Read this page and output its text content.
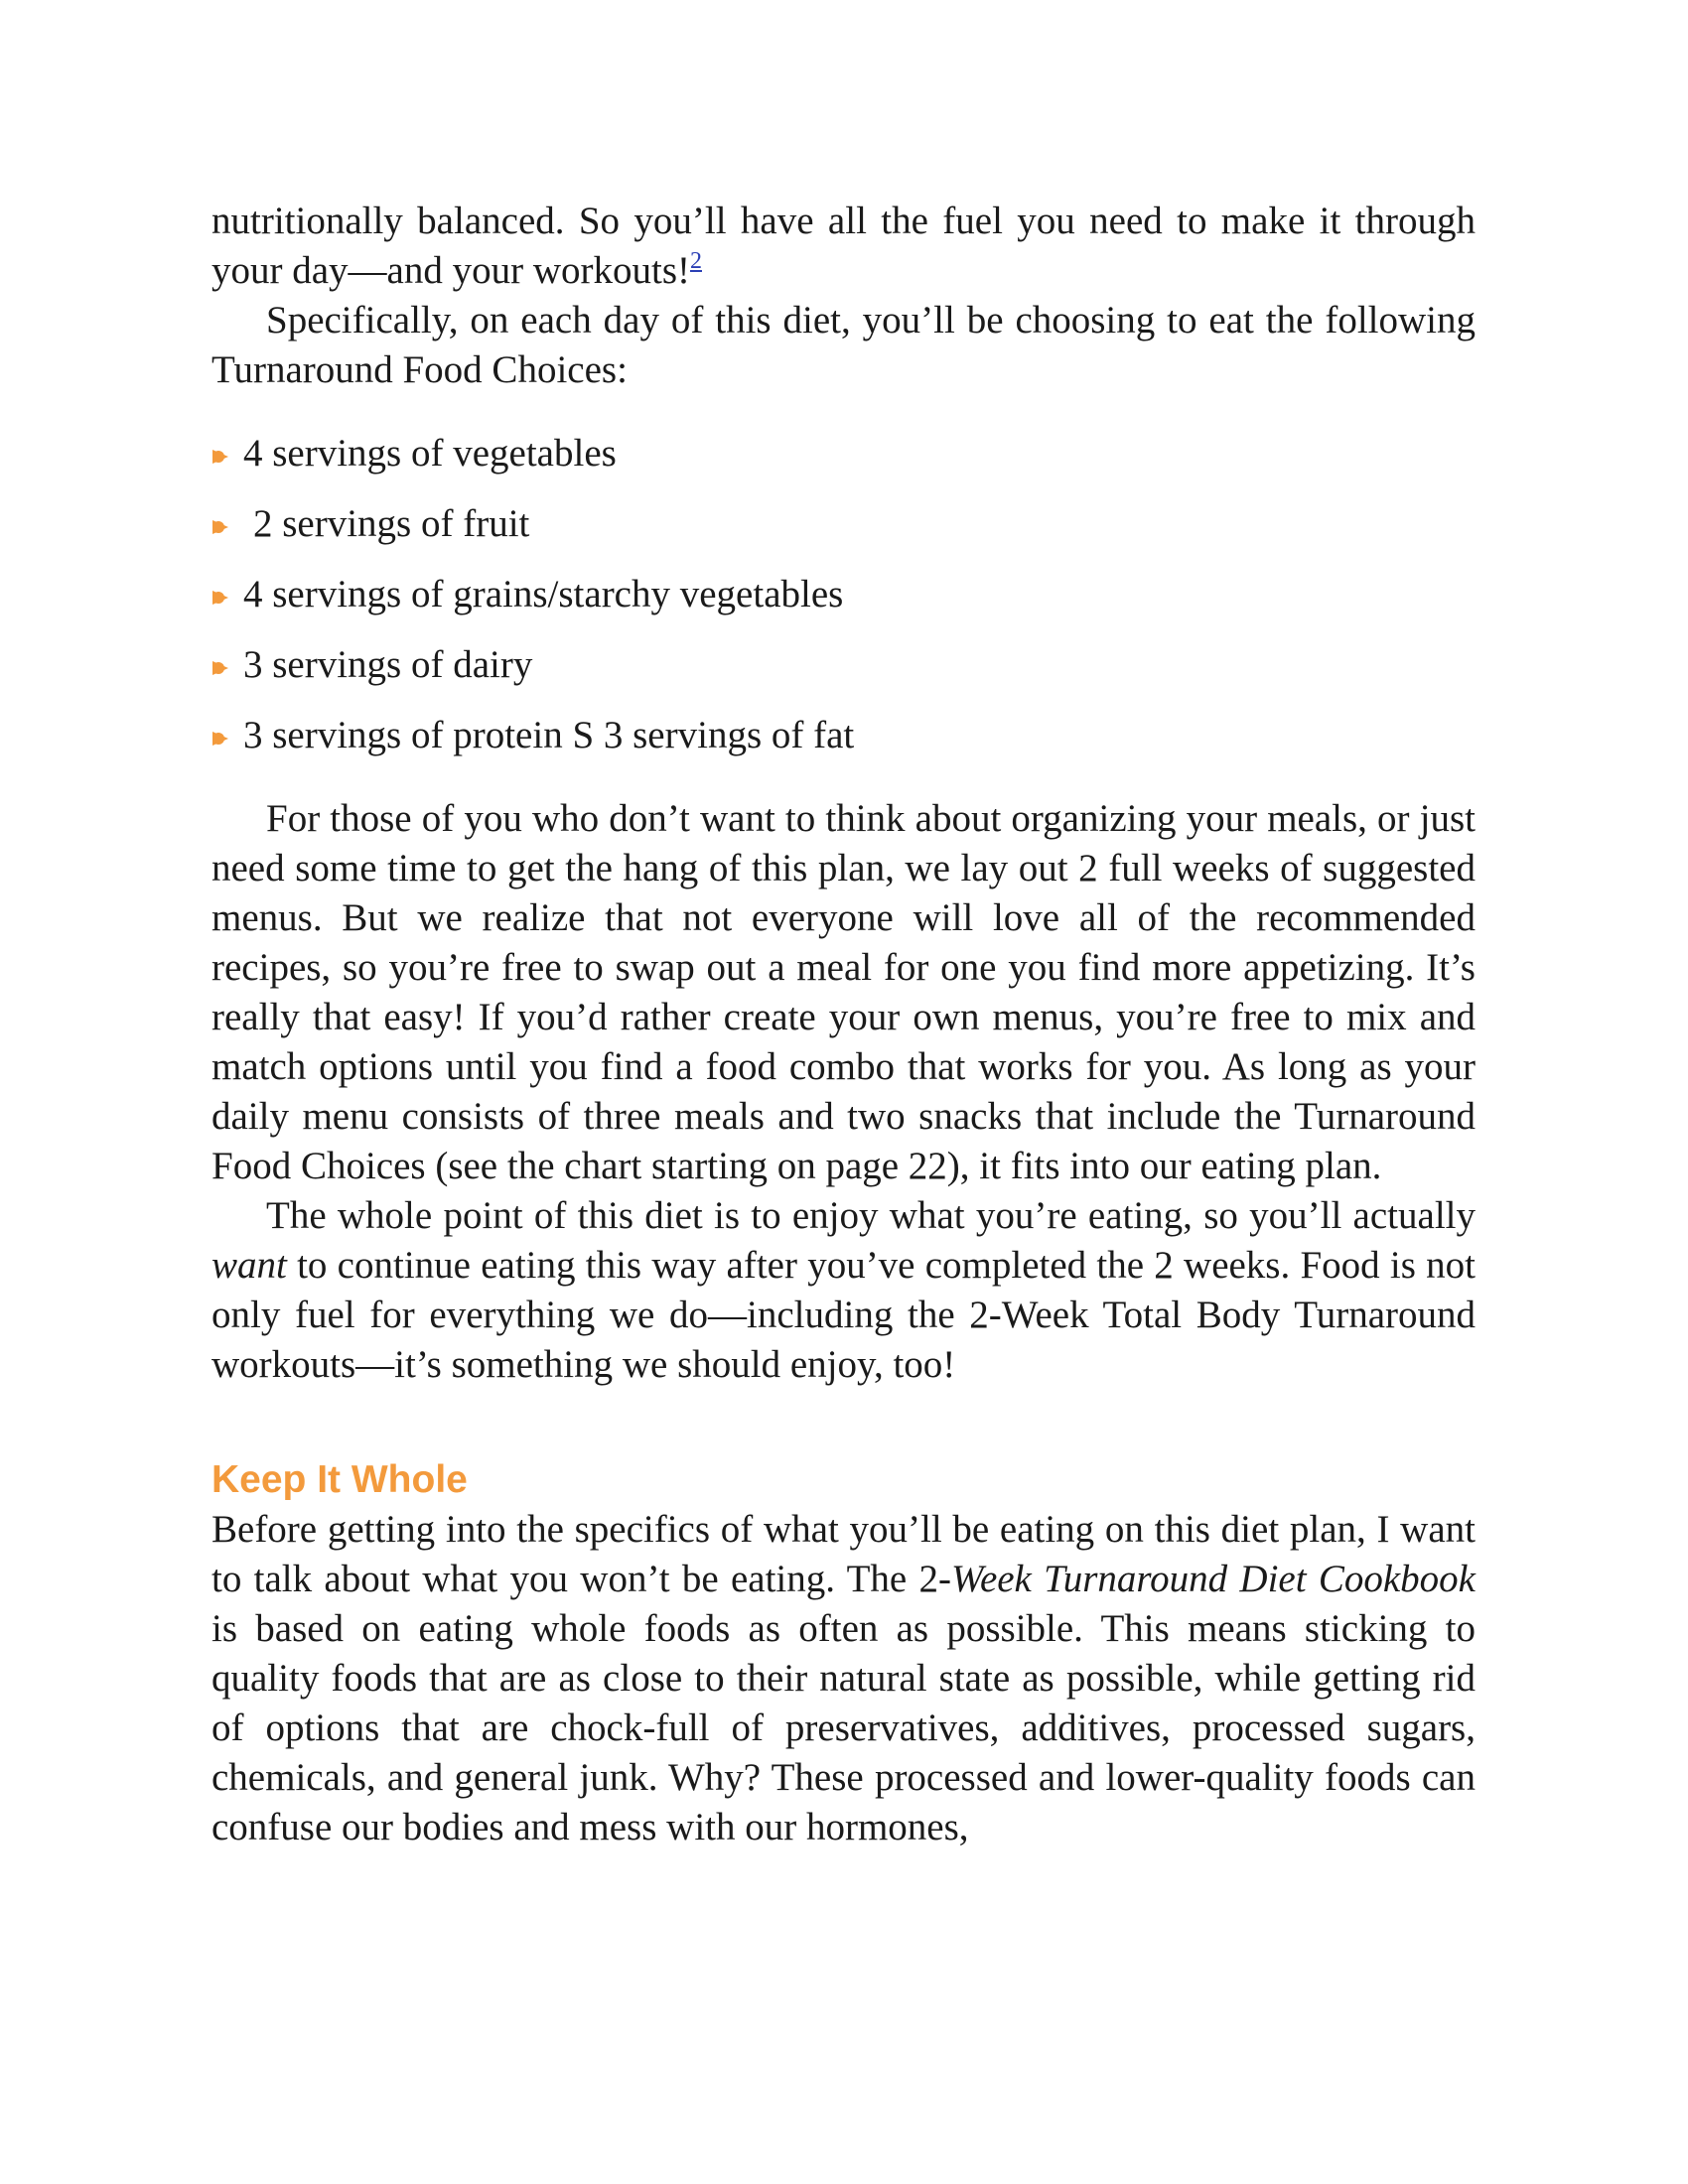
nutritionally balanced. So you’ll have all the fuel you need to make it through your day—and your workouts!$^2$

Specifically, on each day of this diet, you’ll be choosing to eat the following Turnaround Food Choices:

4 servings of vegetables
2 servings of fruit
4 servings of grains/starchy vegetables
3 servings of dairy
3 servings of protein S 3 servings of fat

For those of you who don’t want to think about organizing your meals, or just need some time to get the hang of this plan, we lay out 2 full weeks of suggested menus. But we realize that not everyone will love all of the recommended recipes, so you’re free to swap out a meal for one you find more appetizing. It’s really that easy! If you’d rather create your own menus, you’re free to mix and match options until you find a food combo that works for you. As long as your daily menu consists of three meals and two snacks that include the Turnaround Food Choices (see the chart starting on page 22), it fits into our eating plan.

The whole point of this diet is to enjoy what you’re eating, so you’ll actually want to continue eating this way after you’ve completed the 2 weeks. Food is not only fuel for everything we do—including the 2-Week Total Body Turnaround workouts—it’s something we should enjoy, too!

Keep It Whole

Before getting into the specifics of what you’ll be eating on this diet plan, I want to talk about what you won’t be eating. The 2-Week Turnaround Diet Cookbook is based on eating whole foods as often as possible. This means sticking to quality foods that are as close to their natural state as possible, while getting rid of options that are chock-full of preservatives, additives, processed sugars, chemicals, and general junk. Why? These processed and lower-quality foods can confuse our bodies and mess with our hormones,
